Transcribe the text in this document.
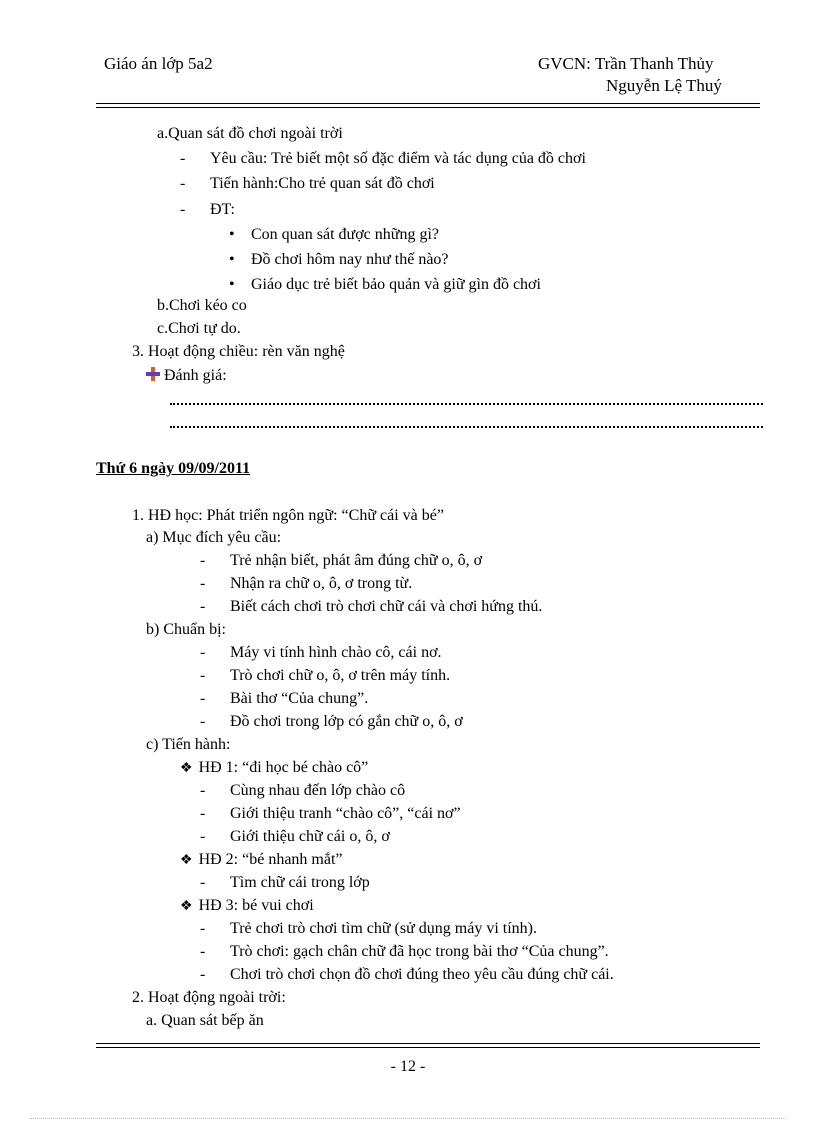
Giáo án lớp 5a2	GVCN: Trần Thanh Thủy
Nguyễn Lệ Thuý
a.Quan sát đồ chơi ngoài trời
- Yêu cầu: Trẻ biết một số đặc điểm và tác dụng của đồ chơi
- Tiến hành:Cho trẻ quan sát đồ chơi
- ĐT:
• Con quan sát được những gì?
• Đồ chơi hôm nay như thế nào?
• Giáo dục trẻ biết bảo quản và giữ gìn đồ chơi
b.Chơi kéo co
c.Chơi tự do.
3. Hoạt động chiều: rèn văn nghệ
Đánh giá:
Thứ 6 ngày 09/09/2011
1. HĐ học: Phát triển ngôn ngữ: “Chữ cái và bé”
a) Mục đích yêu cầu:
- Trẻ nhận biết, phát âm đúng chữ o, ô, ơ
- Nhận ra chữ o, ô, ơ trong từ.
- Biết cách chơi trò chơi chữ cái và chơi hứng thú.
b) Chuẩn bị:
- Máy vi tính hình chào cô, cái nơ.
- Trò chơi chữ o, ô, ơ trên máy tính.
- Bài thơ “Của chung”.
- Đồ chơi trong lớp có gắn chữ o, ô, ơ
c) Tiến hành:
❖ HĐ 1: “đi học bé chào cô”
- Cùng nhau đến lớp chào cô
- Giới thiệu tranh “chào cô”, “cái nơ”
- Giới thiệu chữ cái o, ô, ơ
❖ HĐ 2: “bé nhanh mắt”
- Tìm chữ cái trong lớp
❖ HĐ 3: bé vui chơi
- Trẻ chơi trò chơi tìm chữ (sử dụng máy vi tính).
- Trò chơi: gạch chân chữ đã học trong bài thơ “Của chung”.
- Chơi trò chơi chọn đồ chơi đúng theo yêu cầu đúng chữ cái.
2. Hoạt động ngoài trời:
a. Quan sát bếp ăn
- 12 -
